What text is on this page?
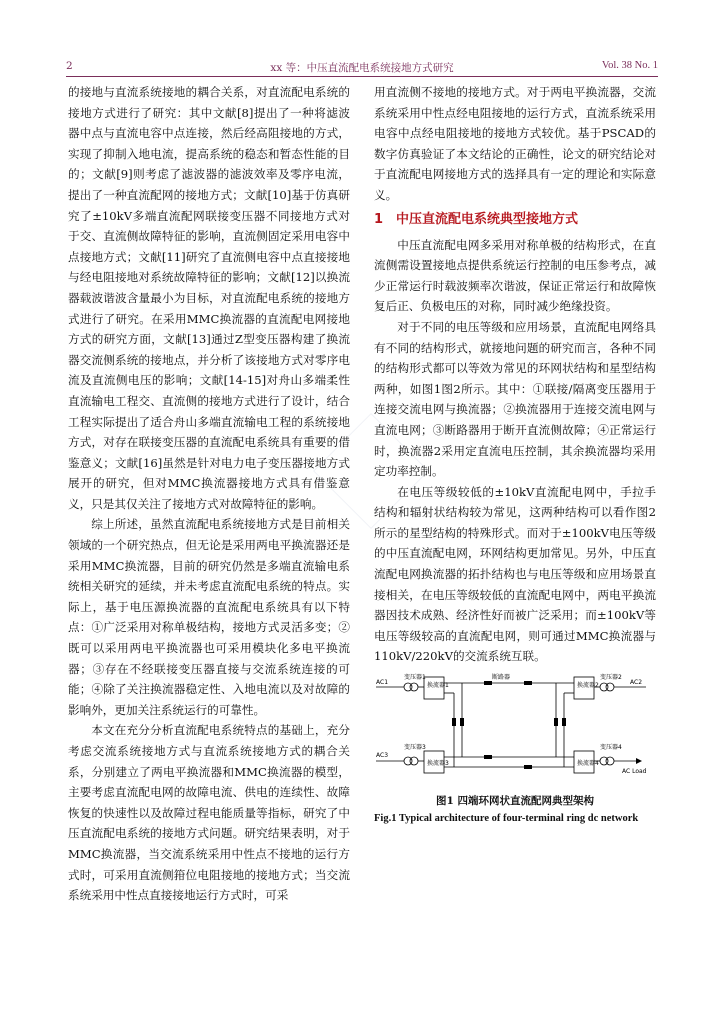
2	xx 等：中压直流配电系统接地方式研究	Vol. 38 No. 1

的接地与直流系统接地的耦合关系，对直流配电系统的接地方式进行了研究：其中文献[8]提出了一种将滤波器中点与直流电容中点连接，然后经高阻接地的方式，实现了抑制入地电流，提高系统的稳态和暂态性能的目的；文献[9]则考虑了滤波器的滤波效率及零序电流，提出了一种直流配网的接地方式；文献[10]基于仿真研究了±10kV多端直流配网联接变压器不同接地方式对于交、直流侧故障特征的影响，直流侧固定采用电容中点接地方式；文献[11]研究了直流侧电容中点直接接地与经电阻接地对系统故障特征的影响；文献[12]以换流器载波谐波含量最小为目标，对直流配电系统的接地方式进行了研究。在采用MMC换流器的直流配电网接地方式的研究方面，文献[13]通过Z型变压器构建了换流器交流侧系统的接地点，并分析了该接地方式对零序电流及直流侧电压的影响；文献[14-15]对舟山多端柔性直流输电工程交、直流侧的接地方式进行了设计，结合工程实际提出了适合舟山多端直流输电工程的系统接地方式，对存在联接变压器的直流配电系统具有重要的借鉴意义；文献[16]虽然是针对电力电子变压器接地方式展开的研究，但对MMC换流器接地方式具有借鉴意义，只是其仅关注了接地方式对故障特征的影响。

综上所述，虽然直流配电系统接地方式是目前相关领域的一个研究热点，但无论是采用两电平换流器还是采用MMC换流器，目前的研究仍然是多端直流输电系统相关研究的延续，并未考虑直流配电系统的特点。实际上，基于电压源换流器的直流配电系统具有以下特点：①广泛采用对称单极结构，接地方式灵活多变；②既可以采用两电平换流器也可采用模块化多电平换流器；③存在不经联接变压器直接与交流系统连接的可能；④除了关注换流器稳定性、入地电流以及对故障的影响外，更加关注系统运行的可靠性。

本文在充分分析直流配电系统特点的基础上，充分考虑交流系统接地方式与直流系统接地方式的耦合关系，分别建立了两电平换流器和MMC换流器的模型，主要考虑直流配电网的故障电流、供电的连续性、故障恢复的快速性以及故障过程电能质量等指标，研究了中压直流配电系统的接地方式问题。研究结果表明，对于MMC换流器，当交流系统采用中性点不接地的运行方式时，可采用直流侧箝位电阻接地的接地方式；当交流系统采用中性点直接接地运行方式时，可采

用直流侧不接地的接地方式。对于两电平换流器，交流系统采用中性点经电阻接地的运行方式，直流系统采用电容中点经电阻接地的接地方式较优。基于PSCAD的数字仿真验证了本文结论的正确性，论文的研究结论对于直流配电网接地方式的选择具有一定的理论和实际意义。

1　中压直流配电系统典型接地方式

中压直流配电网多采用对称单极的结构形式，在直流侧需设置接地点提供系统运行控制的电压参考点，减少正常运行时载波频率次谐波，保证正常运行和故障恢复后正、负极电压的对称，同时减少绝缘投资。

对于不同的电压等级和应用场景，直流配电网络具有不同的结构形式，就接地问题的研究而言，各种不同的结构形式都可以等效为常见的环网状结构和星型结构两种，如图1图2所示。其中：①联接/隔离变压器用于连接交流电网与换流器；②换流器用于连接交流电网与直流电网；③断路器用于断开直流侧故障；④正常运行时，换流器2采用定直流电压控制，其余换流器均采用定功率控制。

在电压等级较低的±10kV直流配电网中，手拉手结构和辐射状结构较为常见，这两种结构可以看作图2所示的星型结构的特殊形式。而对于±100kV电压等级的中压直流配电网，环网结构更加常见。另外，中压直流配电网换流器的拓扑结构也与电压等级和应用场景直接相关，在电压等级较低的直流配电网中，两电平换流器因技术成熟、经济性好而被广泛采用；而±100kV等电压等级较高的直流配电网，则可通过MMC换流器与110kV/220kV的交流系统互联。

变压器1
换流器1
AC1
断路器	变压器2
换流器2	AC2
变压器3
换流器3
AC3
变压器4
换流器4
AC Load
图1 四端环网状直流配网典型架构
Fig.1 Typical architecture of four-terminal ring dc network
